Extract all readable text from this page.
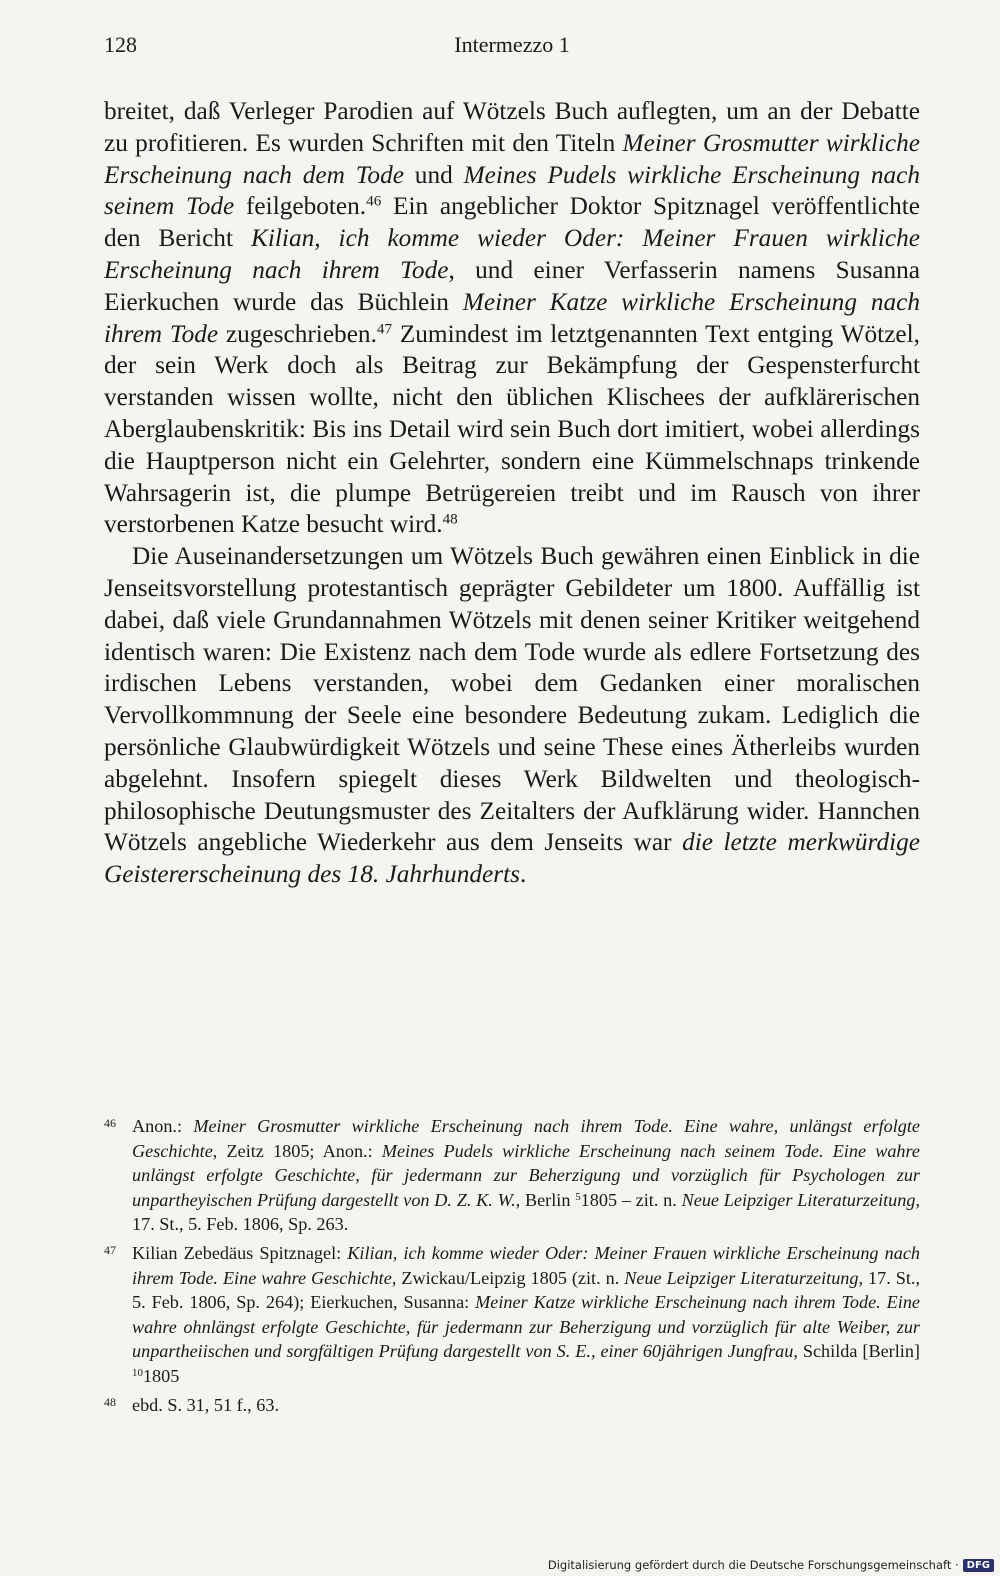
128	Intermezzo 1

breitet, daß Verleger Parodien auf Wötzels Buch auflegten, um an der Debatte zu profitieren. Es wurden Schriften mit den Titeln Meiner Grosmutter wirkliche Erscheinung nach dem Tode und Meines Pudels wirkliche Erscheinung nach seinem Tode feilgeboten.$^{46}$ Ein angeblicher Doktor Spitznagel veröffentlichte den Bericht Kilian, ich komme wieder Oder: Meiner Frauen wirkliche Erscheinung nach ihrem Tode, und einer Verfasserin namens Susanna Eierkuchen wurde das Büchlein Meiner Katze wirkliche Erscheinung nach ihrem Tode zugeschrieben.$^{47}$ Zumindest im letztgenannten Text entging Wötzel, der sein Werk doch als Beitrag zur Bekämpfung der Gespensterfurcht verstanden wissen wollte, nicht den üblichen Klischees der aufklärerischen Aberglaubenskritik: Bis ins Detail wird sein Buch dort imitiert, wobei allerdings die Hauptperson nicht ein Gelehrter, sondern eine Kümmelschnaps trinkende Wahrsagerin ist, die plumpe Betrügereien treibt und im Rausch von ihrer verstorbenen Katze besucht wird.$^{48}$

Die Auseinandersetzungen um Wötzels Buch gewähren einen Einblick in die Jenseitsvorstellung protestantisch geprägter Gebildeter um 1800. Auffällig ist dabei, daß viele Grundannahmen Wötzels mit denen seiner Kritiker weitgehend identisch waren: Die Existenz nach dem Tode wurde als edlere Fortsetzung des irdischen Lebens verstanden, wobei dem Gedanken einer moralischen Vervollkommnung der Seele eine besondere Bedeutung zukam. Lediglich die persönliche Glaubwürdigkeit Wötzels und seine These eines Ätherleibs wurden abgelehnt. Insofern spiegelt dieses Werk Bildwelten und theologisch-philosophische Deutungsmuster des Zeitalters der Aufklärung wider. Hannchen Wötzels angebliche Wiederkehr aus dem Jenseits war die letzte merkwürdige Geistererscheinung des 18. Jahrhunderts.

46 Anon.: Meiner Grosmutter wirkliche Erscheinung nach ihrem Tode. Eine wahre, unlängst erfolgte Geschichte, Zeitz 1805; Anon.: Meines Pudels wirkliche Erscheinung nach seinem Tode. Eine wahre unlängst erfolgte Geschichte, für jedermann zur Beherzigung und vorzüglich für Psychologen zur unpartheyischen Prüfung dargestellt von D. Z. K. W., Berlin $^5$1805 – zit. n. Neue Leipziger Literaturzeitung, 17. St., 5. Feb. 1806, Sp. 263.
47 Kilian Zebedäus Spitznagel: Kilian, ich komme wieder Oder: Meiner Frauen wirkliche Erscheinung nach ihrem Tode. Eine wahre Geschichte, Zwickau/Leipzig 1805 (zit. n. Neue Leipziger Literaturzeitung, 17. St., 5. Feb. 1806, Sp. 264); Eierkuchen, Susanna: Meiner Katze wirkliche Erscheinung nach ihrem Tode. Eine wahre ohnlängst erfolgte Geschichte, für jedermann zur Beherzigung und vorzüglich für alte Weiber, zur unpartheiischen und sorgfältigen Prüfung dargestellt von S. E., einer 60jährigen Jungfrau, Schilda [Berlin] $^{10}$1805
48 ebd. S. 31, 51 f., 63.
Digitalisierung gefördert durch die Deutsche Forschungsgemeinschaft · DFG
